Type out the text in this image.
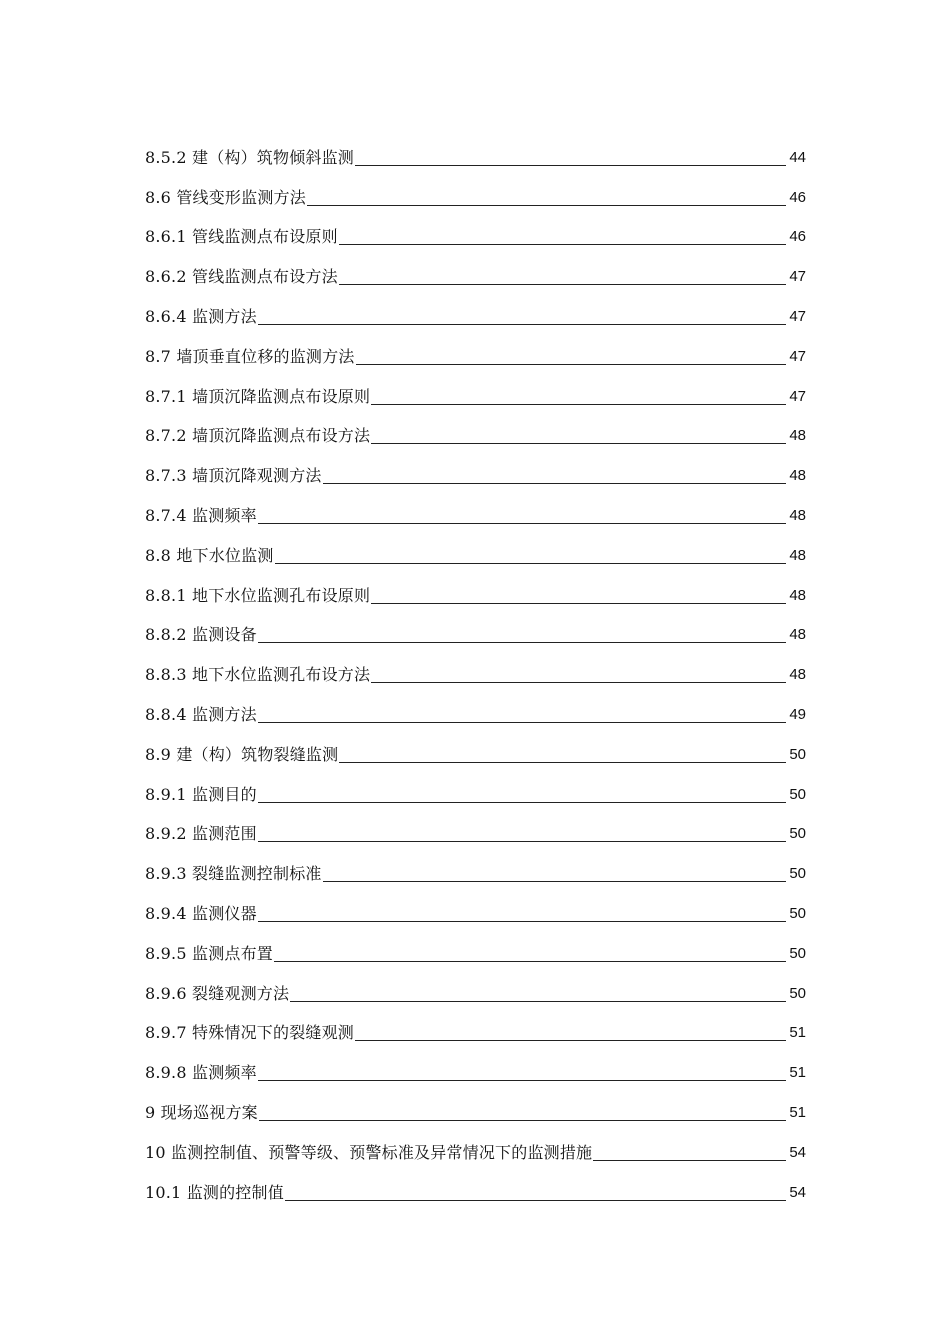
8.5.2 建（构）筑物倾斜监测	44
8.6 管线变形监测方法	46
8.6.1 管线监测点布设原则	46
8.6.2 管线监测点布设方法	47
8.6.4 监测方法	47
8.7 墙顶垂直位移的监测方法	47
8.7.1 墙顶沉降监测点布设原则	47
8.7.2 墙顶沉降监测点布设方法	48
8.7.3 墙顶沉降观测方法	48
8.7.4 监测频率	48
8.8 地下水位监测	48
8.8.1 地下水位监测孔布设原则	48
8.8.2 监测设备	48
8.8.3 地下水位监测孔布设方法	48
8.8.4 监测方法	49
8.9 建（构）筑物裂缝监测	50
8.9.1 监测目的	50
8.9.2 监测范围	50
8.9.3 裂缝监测控制标准	50
8.9.4 监测仪器	50
8.9.5 监测点布置	50
8.9.6 裂缝观测方法	50
8.9.7 特殊情况下的裂缝观测	51
8.9.8 监测频率	51
9 现场巡视方案	51
10 监测控制值、预警等级、预警标准及异常情况下的监测措施	54
10.1 监测的控制值	54
